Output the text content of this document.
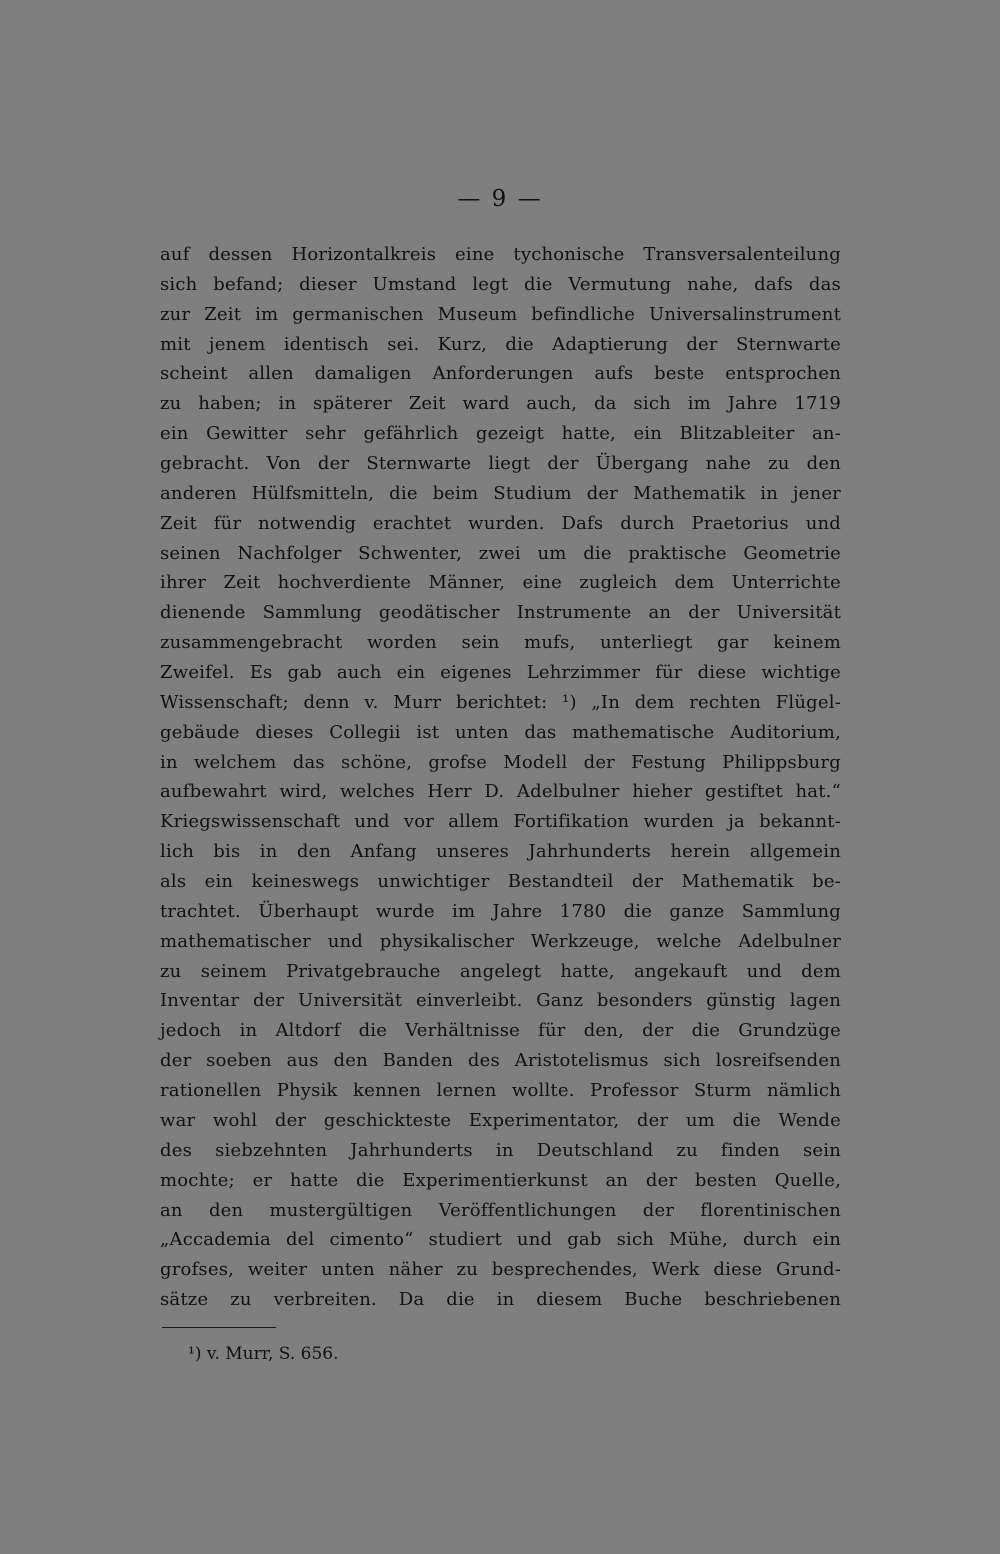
— 9 —
auf dessen Horizontalkreis eine tychonische Transversalenteilung
sich befand; dieser Umstand legt die Vermutung nahe, dafs das
zur Zeit im germanischen Museum befindliche Universalinstrument
mit jenem identisch sei. Kurz, die Adaptierung der Sternwarte
scheint allen damaligen Anforderungen aufs beste entsprochen
zu haben; in späterer Zeit ward auch, da sich im Jahre 1719
ein Gewitter sehr gefährlich gezeigt hatte, ein Blitzableiter an-
gebracht. Von der Sternwarte liegt der Übergang nahe zu den
anderen Hülfsmitteln, die beim Studium der Mathematik in jener
Zeit für notwendig erachtet wurden. Dafs durch Praetorius und
seinen Nachfolger Schwenter, zwei um die praktische Geometrie
ihrer Zeit hochverdiente Männer, eine zugleich dem Unterrichte
dienende Sammlung geodätischer Instrumente an der Universität
zusammengebracht worden sein mufs, unterliegt gar keinem
Zweifel. Es gab auch ein eigenes Lehrzimmer für diese wichtige
Wissenschaft; denn v. Murr berichtet: ¹) „In dem rechten Flügel-
gebäude dieses Collegii ist unten das mathematische Auditorium,
in welchem das schöne, grofse Modell der Festung Philippsburg
aufbewahrt wird, welches Herr D. Adelbulner hieher gestiftet hat.“
Kriegswissenschaft und vor allem Fortifikation wurden ja bekannt-
lich bis in den Anfang unseres Jahrhunderts herein allgemein
als ein keineswegs unwichtiger Bestandteil der Mathematik be-
trachtet. Überhaupt wurde im Jahre 1780 die ganze Sammlung
mathematischer und physikalischer Werkzeuge, welche Adelbulner
zu seinem Privatgebrauche angelegt hatte, angekauft und dem
Inventar der Universität einverleibt. Ganz besonders günstig lagen
jedoch in Altdorf die Verhältnisse für den, der die Grundzüge
der soeben aus den Banden des Aristotelismus sich losreifsenden
rationellen Physik kennen lernen wollte. Professor Sturm nämlich
war wohl der geschickteste Experimentator, der um die Wende
des siebzehnten Jahrhunderts in Deutschland zu finden sein
mochte; er hatte die Experimentierkunst an der besten Quelle,
an den mustergültigen Veröffentlichungen der florentinischen
„Accademia del cimento“ studiert und gab sich Mühe, durch ein
grofses, weiter unten näher zu besprechendes, Werk diese Grund-
sätze zu verbreiten. Da die in diesem Buche beschriebenen
¹) v. Murr, S. 656.
